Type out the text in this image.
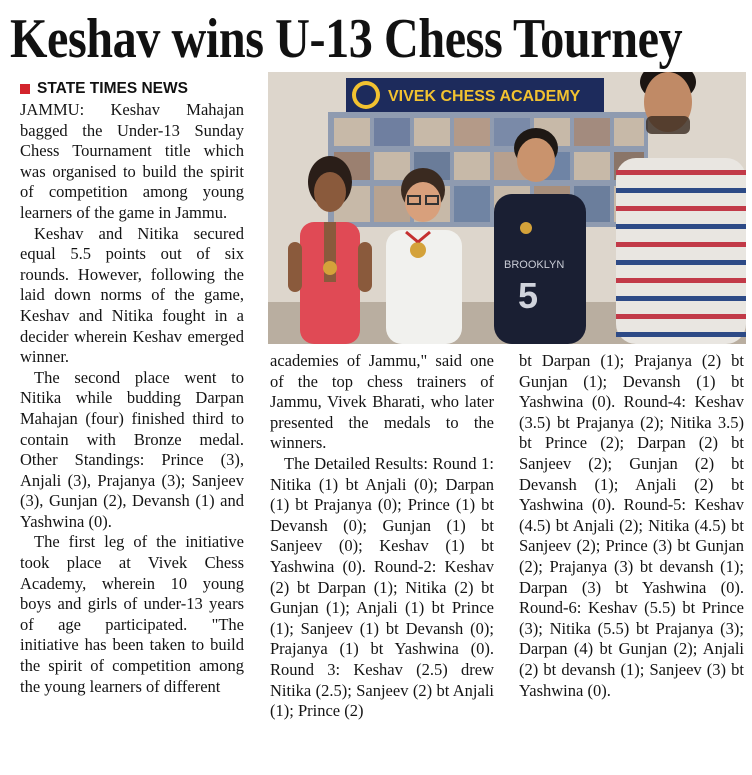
Keshav wins U-13 Chess Tourney
STATE TIMES NEWS

JAMMU: Keshav Mahajan bagged the Under-13 Sunday Chess Tournament title which was organised to build the spirit of competition among young learners of the game in Jammu.

Keshav and Nitika secured equal 5.5 points out of six rounds. However, following the laid down norms of the game, Keshav and Nitika fought in a decider wherein Keshav emerged winner.

The second place went to Nitika while budding Darpan Mahajan (four) finished third to contain with Bronze medal. Other Standings: Prince (3), Anjali (3), Prajanya (3); Sanjeev (3), Gunjan (2), Devansh (1) and Yashwina (0).

The first leg of the initiative took place at Vivek Chess Academy, wherein 10 young boys and girls of under-13 years of age participated. "The initiative has been taken to build the spirit of competition among the young learners of different

VIVEK CHESS ACADEMY
BROOKLYN
5

academies of Jammu," said one of the top chess trainers of Jammu, Vivek Bharati, who later presented the medals to the winners.

The Detailed Results: Round 1: Nitika (1) bt Anjali (0); Darpan (1) bt Prajanya (0); Prince (1) bt Devansh (0); Gunjan (1) bt Sanjeev (0); Keshav (1) bt Yashwina (0). Round-2: Keshav (2) bt Darpan (1); Nitika (2) bt Gunjan (1); Anjali (1) bt Prince (1); Sanjeev (1) bt Devansh (0); Prajanya (1) bt Yashwina (0). Round 3: Keshav (2.5) drew Nitika (2.5); Sanjeev (2) bt Anjali (1); Prince (2)

bt Darpan (1); Prajanya (2) bt Gunjan (1); Devansh (1) bt Yashwina (0). Round-4: Keshav (3.5) bt Prajanya (2); Nitika 3.5) bt Prince (2); Darpan (2) bt Sanjeev (2); Gunjan (2) bt Devansh (1); Anjali (2) bt Yashwina (0). Round-5: Keshav (4.5) bt Anjali (2); Nitika (4.5) bt Sanjeev (2); Prince (3) bt Gunjan (2); Prajanya (3) bt devansh (1); Darpan (3) bt Yashwina (0). Round-6: Keshav (5.5) bt Prince (3); Nitika (5.5) bt Prajanya (3); Darpan (4) bt Gunjan (2); Anjali (2) bt devansh (1); Sanjeev (3) bt Yashwina (0).
